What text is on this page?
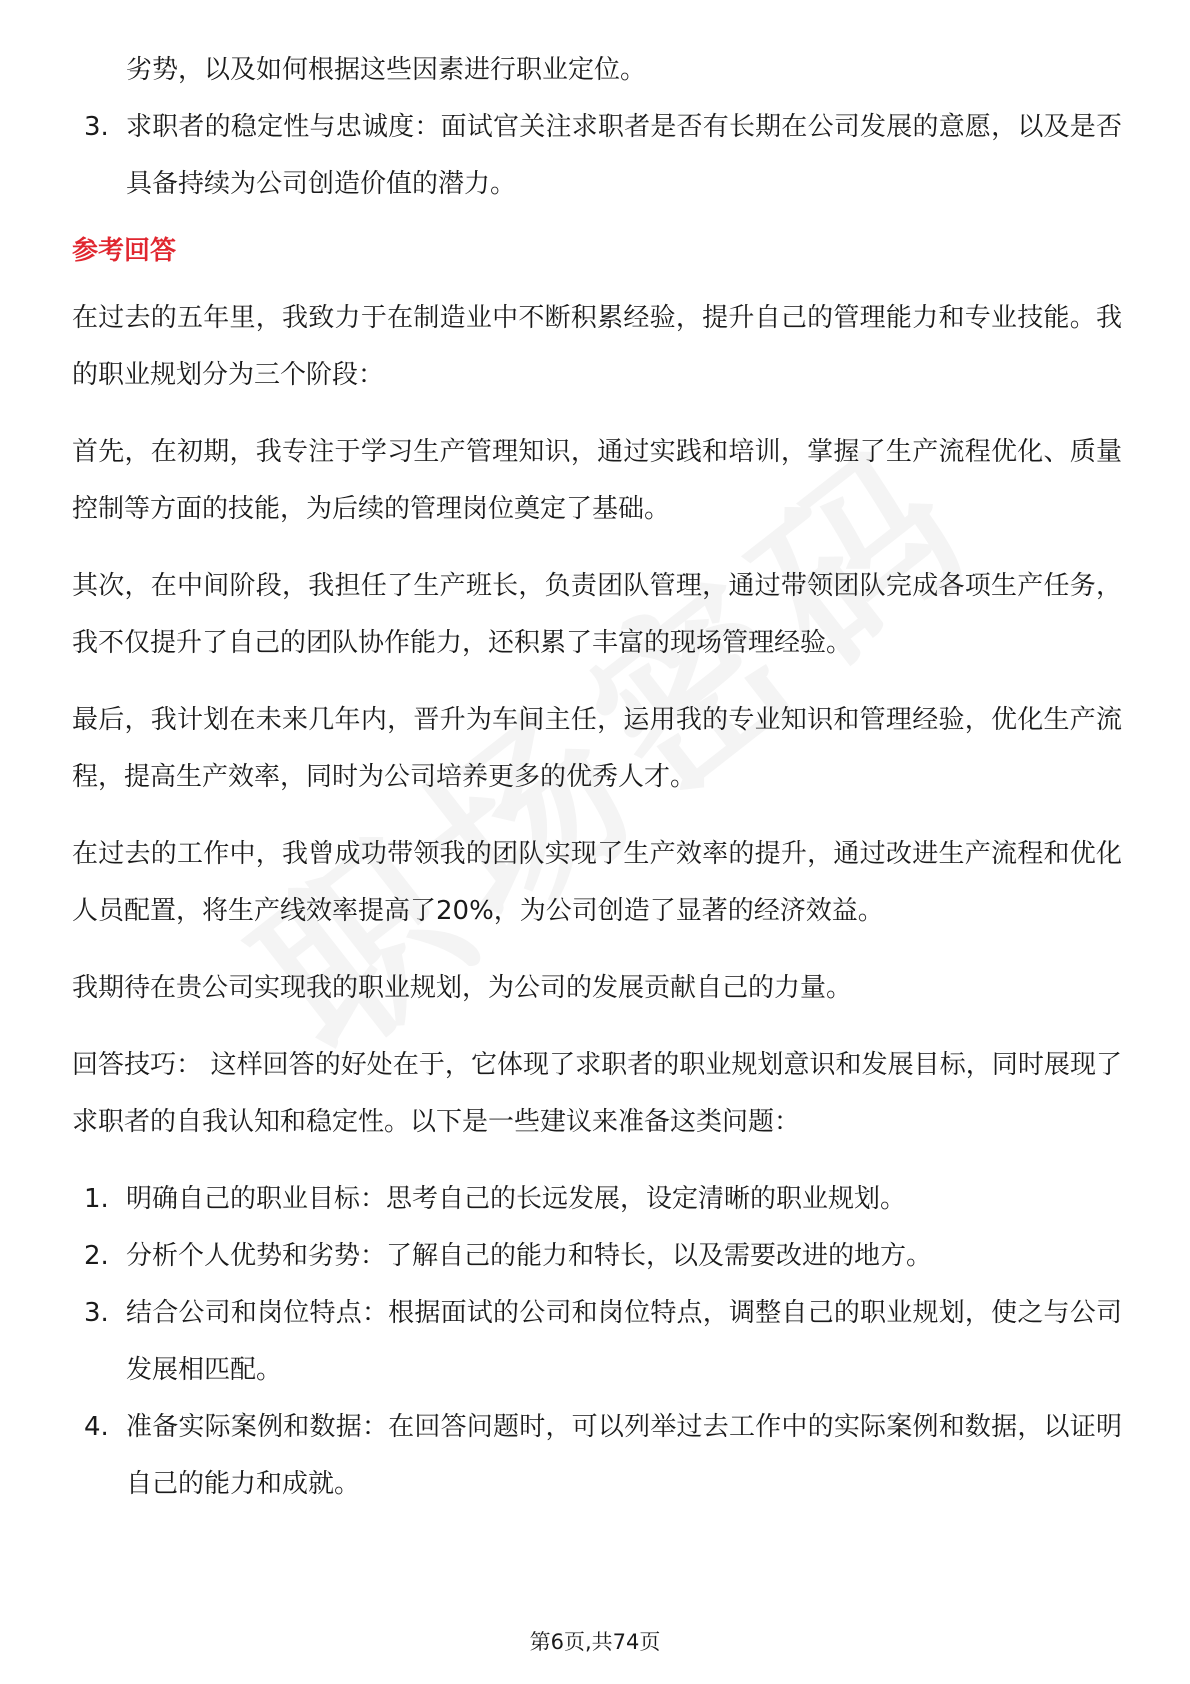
劣势，以及如何根据这些因素进行职业定位。
3. 求职者的稳定性与忠诚度：面试官关注求职者是否有长期在公司发展的意愿，以及是否具备持续为公司创造价值的潜力。

参考回答

在过去的五年里，我致力于在制造业中不断积累经验，提升自己的管理能力和专业技能。我的职业规划分为三个阶段：

首先，在初期，我专注于学习生产管理知识，通过实践和培训，掌握了生产流程优化、质量控制等方面的技能，为后续的管理岗位奠定了基础。

其次，在中间阶段，我担任了生产班长，负责团队管理，通过带领团队完成各项生产任务，我不仅提升了自己的团队协作能力，还积累了丰富的现场管理经验。

最后，我计划在未来几年内，晋升为车间主任，运用我的专业知识和管理经验，优化生产流程，提高生产效率，同时为公司培养更多的优秀人才。

在过去的工作中，我曾成功带领我的团队实现了生产效率的提升，通过改进生产流程和优化人员配置，将生产线效率提高了20%，为公司创造了显著的经济效益。

我期待在贵公司实现我的职业规划，为公司的发展贡献自己的力量。

回答技巧： 这样回答的好处在于，它体现了求职者的职业规划意识和发展目标，同时展现了求职者的自我认知和稳定性。以下是一些建议来准备这类问题：

1. 明确自己的职业目标：思考自己的长远发展，设定清晰的职业规划。
2. 分析个人优势和劣势：了解自己的能力和特长，以及需要改进的地方。
3. 结合公司和岗位特点：根据面试的公司和岗位特点，调整自己的职业规划，使之与公司发展相匹配。
4. 准备实际案例和数据：在回答问题时，可以列举过去工作中的实际案例和数据，以证明自己的能力和成就。
第6页,共74页
